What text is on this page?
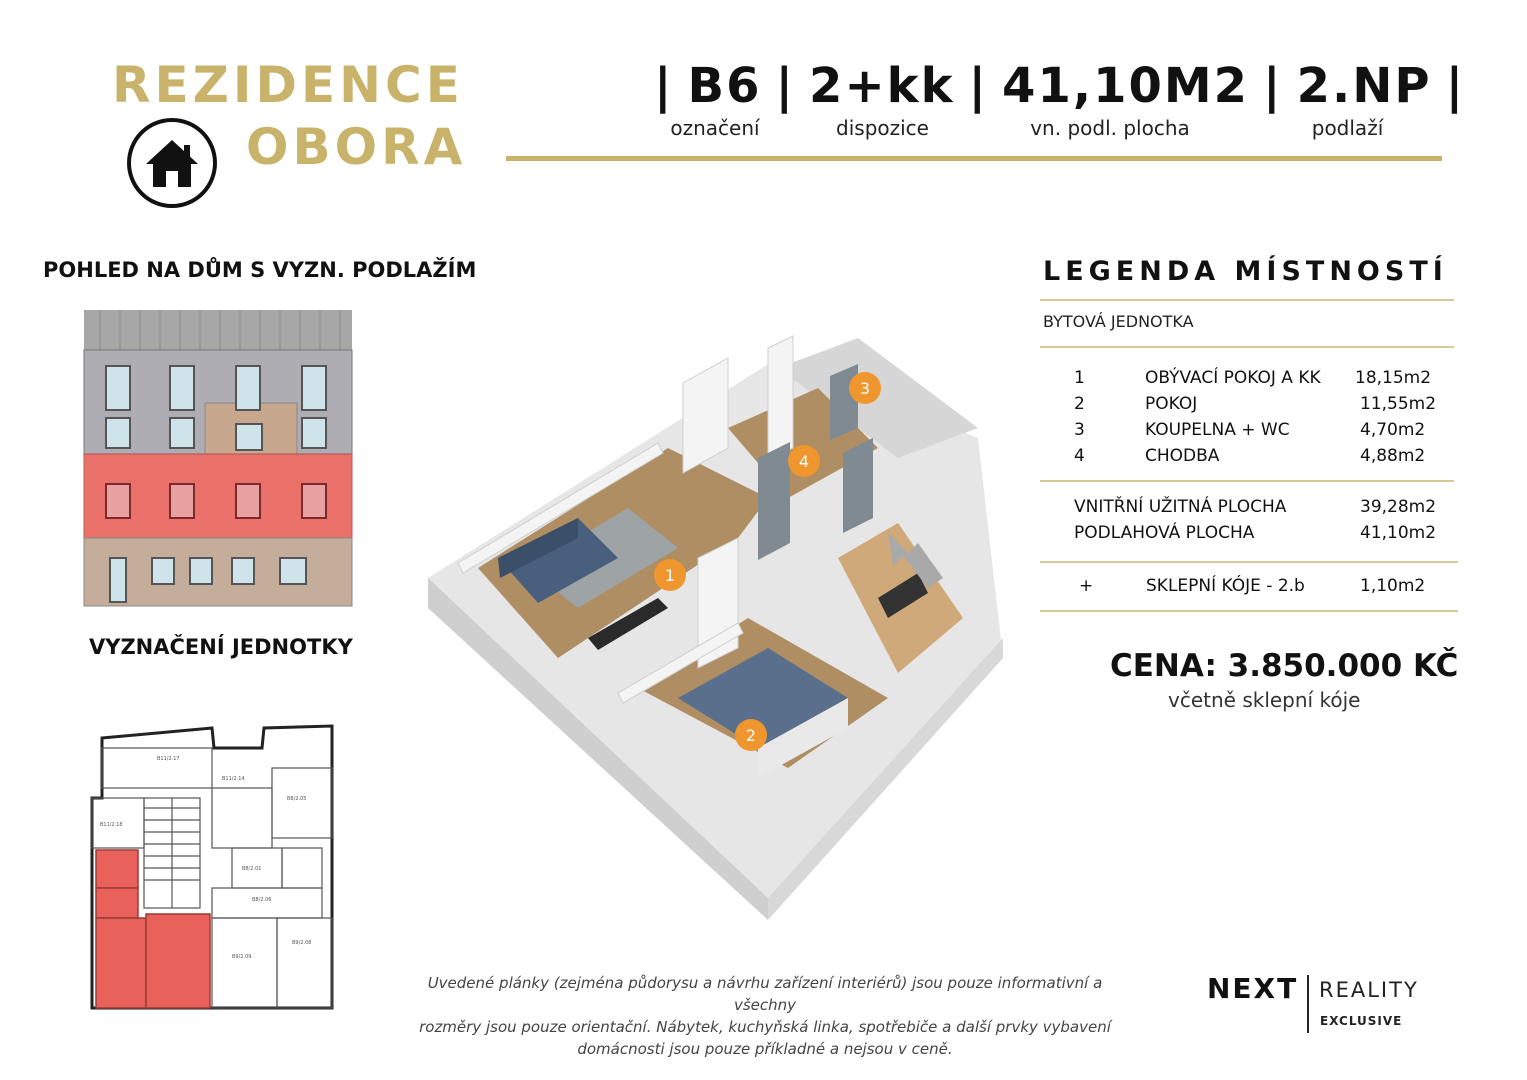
REZIDENCE
OBORA
| B6 | 2+kk | 41,10M2 | 2.NP |
označení	dispozice	vn. podl. plocha	podlaží
POHLED NA DŮM S VYZN. PODLAŽÍM
VYZNAČENÍ JEDNOTKY
B11/2.17
B11/2.14
B8/2.05
B11/2.18
B8/2.01
B8/2.06
B9/2.09
B9/2.08
1
2
3
4
LEGENDA MÍSTNOSTÍ
BYTOVÁ JEDNOTKA
1	OBÝVACÍ POKOJ A KK	18,15m2
2	POKOJ	11,55m2
3	KOUPELNA + WC	4,70m2
4	CHODBA	4,88m2
VNITŘNÍ UŽITNÁ PLOCHA	39,28m2
PODLAHOVÁ PLOCHA	41,10m2
+	SKLEPNÍ KÓJE - 2.b	1,10m2
CENA: 3.850.000 KČ
včetně sklepní kóje
Uvedené plánky (zejména půdorysu a návrhu zařízení interiérů) jsou pouze informativní a všechny
rozměry jsou pouze orientační. Nábytek, kuchyňská linka, spotřebiče a další prvky vybavení
domácnosti jsou pouze příkladné a nejsou v ceně.
NEXT REALITY
EXCLUSIVE
